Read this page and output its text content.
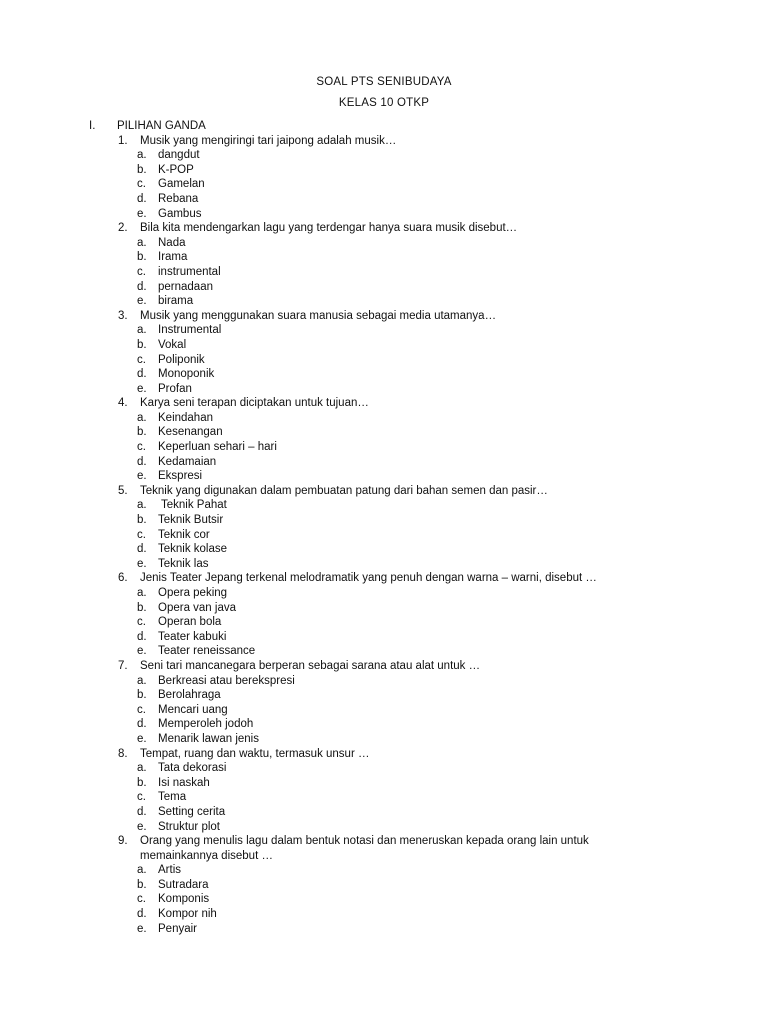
SOAL PTS SENIBUDAYA
KELAS 10 OTKP
I. PILIHAN GANDA
1. Musik yang mengiringi tari jaipong adalah musik…
a. dangdut
b. K-POP
c. Gamelan
d. Rebana
e. Gambus
2. Bila kita mendengarkan lagu yang terdengar hanya suara musik disebut…
a. Nada
b. Irama
c. instrumental
d. pernadaan
e. birama
3. Musik yang menggunakan suara manusia sebagai media utamanya…
a. Instrumental
b. Vokal
c. Poliponik
d. Monoponik
e. Profan
4. Karya seni terapan diciptakan untuk tujuan…
a. Keindahan
b. Kesenangan
c. Keperluan sehari – hari
d. Kedamaian
e. Ekspresi
5. Teknik yang digunakan dalam pembuatan patung dari bahan semen dan pasir…
a. Teknik Pahat
b. Teknik Butsir
c. Teknik cor
d. Teknik kolase
e. Teknik las
6. Jenis Teater Jepang terkenal melodramatik yang penuh dengan warna – warni, disebut …
a. Opera peking
b. Opera van java
c. Operan bola
d. Teater kabuki
e. Teater reneissance
7. Seni tari mancanegara berperan sebagai sarana atau alat untuk …
a. Berkreasi atau berekspresi
b. Berolahraga
c. Mencari uang
d. Memperoleh jodoh
e. Menarik lawan jenis
8. Tempat, ruang dan waktu, termasuk unsur …
a. Tata dekorasi
b. Isi naskah
c. Tema
d. Setting cerita
e. Struktur plot
9. Orang yang menulis lagu dalam bentuk notasi dan meneruskan kepada orang lain untuk memainkannya disebut …
a. Artis
b. Sutradara
c. Komponis
d. Kompor nih
e. Penyair
